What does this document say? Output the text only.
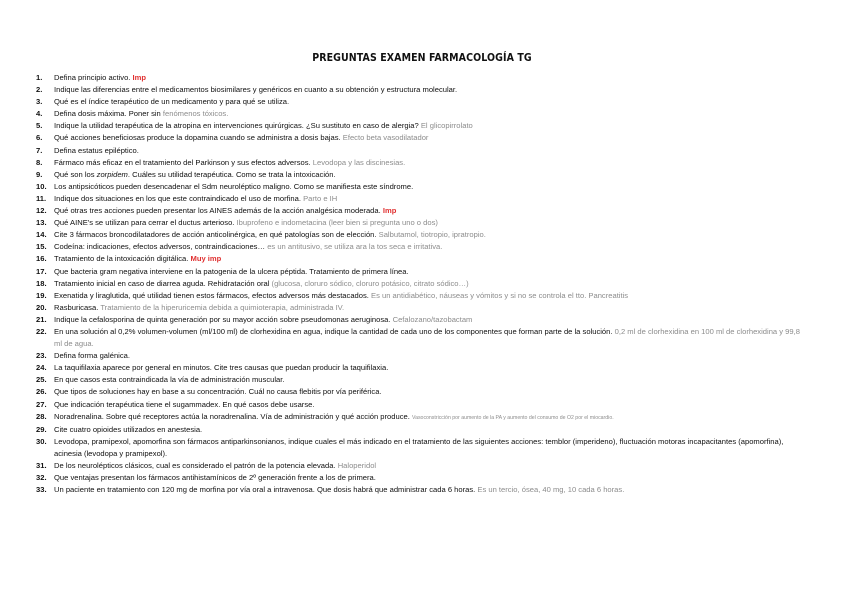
PREGUNTAS EXAMEN FARMACOLOGÍA TG
1.	Defina principio activo. Imp
2.	Indique las diferencias entre el medicamentos biosimilares y genéricos en cuanto a su obtención y estructura molecular.
3.	Qué es el índice terapéutico de un medicamento y para qué se utiliza.
4.	Defina dosis máxima. Poner sin fenómenos tóxicos.
5.	Indique la utilidad terapéutica de la atropina en intervenciones quirúrgicas. ¿Su sustituto en caso de alergia? El glicopirrolato
6.	Qué acciones beneficiosas produce la dopamina cuando se administra a dosis bajas. Efecto beta vasodilatador
7.	Defina estatus epiléptico.
8.	Fármaco más eficaz en el tratamiento del Parkinson y sus efectos adversos. Levodopa y las discinesias.
9.	Qué son los zorpidem. Cuáles su utilidad terapéutica. Como se trata la intoxicación.
10. Los antipsicóticos pueden desencadenar el Sdm neuroléptico maligno. Como se manifiesta este síndrome.
11.	Indique dos situaciones en los que este contraindicado el uso de morfina. Parto e IH
12. Qué otras tres acciones pueden presentar los AINES además de la acción analgésica moderada. Imp
13. Qué AINE's se utilizan para cerrar el ductus arterioso. Ibuprofeno e indometacina (leer bien si pregunta uno o dos)
14. Cite 3 fármacos broncodilatadores de acción anticolinérgica, en qué patologías son de elección. Salbutamol, tiotropio, ipratropio.
15. Codeína: indicaciones, efectos adversos, contraindicaciones… es un antitusivo, se utiliza ara la tos seca e irritativa.
16. Tratamiento de la intoxicación digitálica. Muy imp
17. Que bacteria gram negativa interviene en la patogenia de la ulcera péptida. Tratamiento de primera línea.
18. Tratamiento inicial en caso de diarrea aguda. Rehidratación oral (glucosa, cloruro sódico, cloruro potásico, citrato sódico…)
19. Exenatida y liraglutida, qué utilidad tienen estos fármacos, efectos adversos más destacados. Es un antidiabético, náuseas y vómitos y si no se controla el tto. Pancreatitis
20. Rasburicasa. Tratamiento de la hiperuricemia debida a quimioterapia, administrada IV.
21. Indique la cefalosporina de quinta generación por su mayor acción sobre pseudomonas aeruginosa. Cefalozano/tazobactam
22. En una solución al 0,2% volumen-volumen (ml/100 ml) de clorhexidina en agua, indique la cantidad de cada uno de los componentes que forman parte de la solución. 0,2 ml de clorhexidina en 100 ml de clorhexidina y 99,8 ml de agua.
23. Defina forma galénica.
24. La taquifilaxia aparece por general en minutos. Cite tres causas que puedan producir la taquifilaxia.
25. En que casos esta contraindicada la vía de administración muscular.
26. Que tipos de soluciones hay en base a su concentración. Cuál no causa flebitis por vía periférica.
27. Que indicación terapéutica tiene el sugammadex. En qué casos debe usarse.
28. Noradrenalina. Sobre qué receptores actúa la noradrenalina. Vía de administración y qué acción produce. Vasoconstricción por aumento de la PA y aumento del consumo de O2 por el miocardio.
29. Cite cuatro opioides utilizados en anestesia.
30. Levodopa, pramipexol, apomorfina son fármacos antiparkinsonianos, indique cuales el más indicado en el tratamiento de las siguientes acciones: temblor (imperideno), fluctuación motoras incapacitantes (apomorfina), acinesia (levodopa y pramipexol).
31. De los neurolépticos clásicos, cual es considerado el patrón de la potencia elevada. Haloperidol
32. Que ventajas presentan los fármacos antihistamínicos de 2º generación frente a los de primera.
33. Un paciente en tratamiento con 120 mg de morfina por vía oral a intravenosa. Que dosis habrá que administrar cada 6 horas. Es un tercio, ósea, 40 mg, 10 cada 6 horas.
